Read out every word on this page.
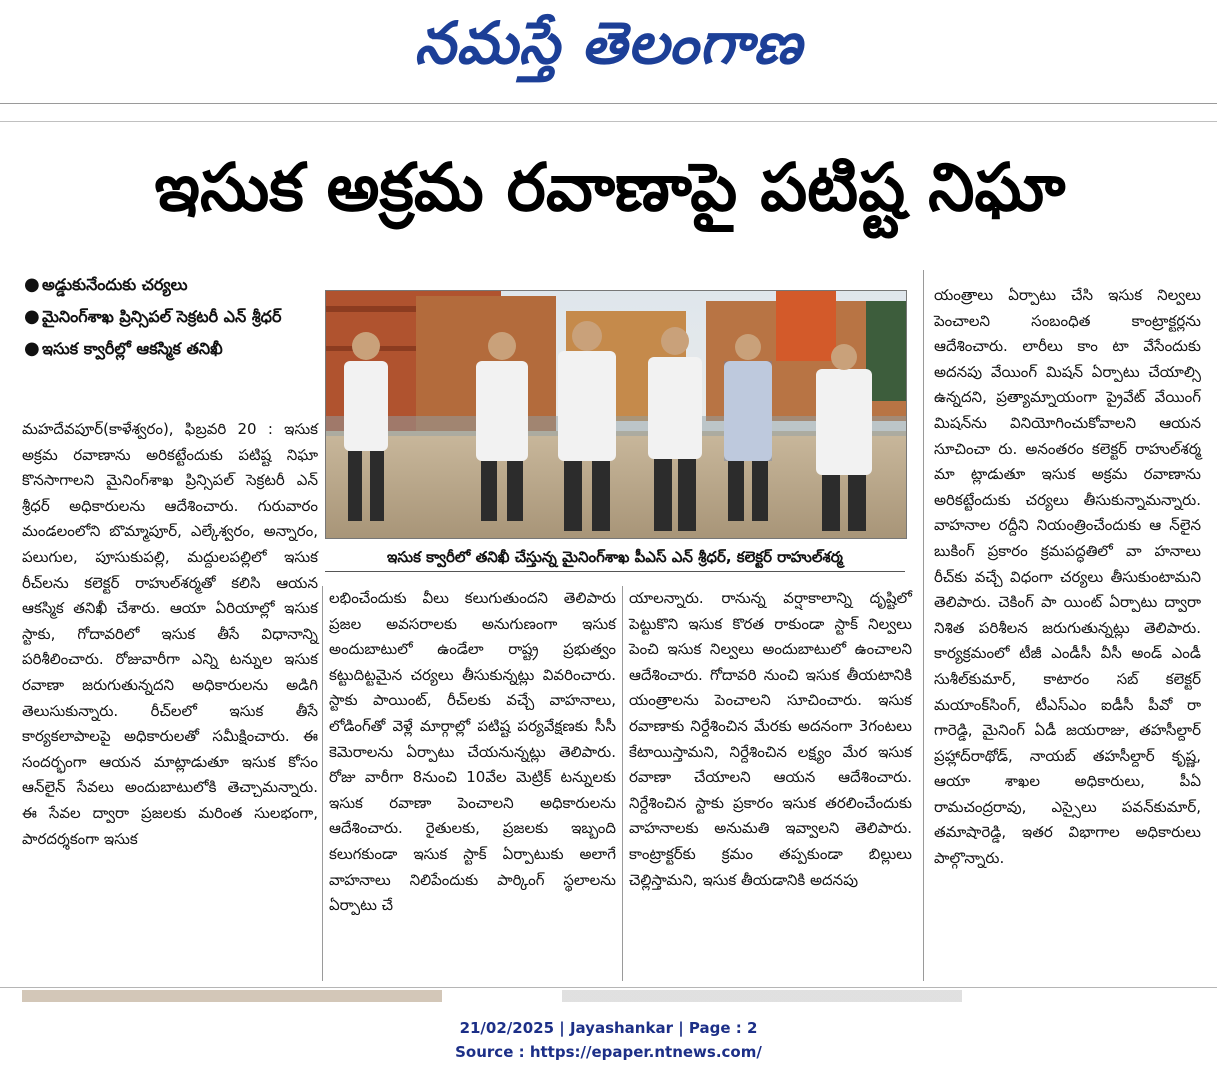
నమస్తే తెలంగాణ
ఇసుక అక్రమ రవాణాపై పటిష్ట నిఘా
● అడ్డుకునేందుకు చర్యలు
● మైనింగ్‌శాఖ ప్రిన్సిపల్ సెక్రటరీ ఎన్ శ్రీధర్
● ఇసుక క్వారీల్లో ఆకస్మిక తనిఖీ
ఇసుక క్వారీలో తనిఖీ చేస్తున్న మైనింగ్‌శాఖ పీఎస్ ఎన్ శ్రీధర్, కలెక్టర్ రాహుల్‌శర్మ
మహదేవపూర్(కాళేశ్వరం), ఫిబ్రవరి 20 : ఇసుక అక్రమ రవాణాను అరికట్టేందుకు పటిష్ట నిఘా కొనసాగాలని మైనింగ్‌శాఖ ప్రిన్సిపల్ సెక్రటరీ ఎన్ శ్రీధర్ అధికారులను ఆదేశించారు. గురువారం మండలంలోని బొమ్మాపూర్, ఎల్కేశ్వరం, అన్నారం, పలుగుల, పూసుకుపల్లి, మద్దులపల్లిలో ఇసుక రీచ్‌లను కలెక్టర్ రాహుల్‌శర్మతో కలిసి ఆయన ఆకస్మిక తనిఖీ చేశారు. ఆయా ఏరియాల్లో ఇసుక స్టాకు, గోదావరిలో ఇసుక తీసే విధానాన్ని పరిశీలించారు. రోజువారీగా ఎన్ని టన్నుల ఇసుక రవాణా జరుగుతున్నదని అధికారులను అడిగి తెలుసుకున్నారు. రీచ్‌లలో ఇసుక తీసే కార్యకలాపాలపై అధికారులతో సమీక్షించారు. ఈ సందర్భంగా ఆయన మాట్లాడుతూ ఇసుక కోసం ఆన్‌లైన్ సేవలు అందుబాటులోకి తెచ్చామన్నారు. ఈ సేవల ద్వారా ప్రజలకు మరింత సులభంగా, పారదర్శకంగా ఇసుక
లభించేందుకు వీలు కలుగుతుందని తెలిపారు ప్రజల అవసరాలకు అనుగుణంగా ఇసుక అందుబాటులో ఉండేలా రాష్ట్ర ప్రభుత్వం కట్టుదిట్టమైన చర్యలు తీసుకున్నట్లు వివరించారు. స్టాకు పాయింట్, రీచ్‌లకు వచ్చే వాహనాలు, లోడింగ్‌తో వెళ్లే మార్గాల్లో పటిష్ట పర్యవేక్షణకు సీసీ కెమెరాలను ఏర్పాటు చేయనున్నట్లు తెలిపారు. రోజు వారీగా 8నుంచి 10వేల మెట్రిక్ టన్నులకు ఇసుక రవాణా పెంచాలని అధికారులను ఆదేశించారు. రైతులకు, ప్రజలకు ఇబ్బంది కలుగకుండా ఇసుక స్టాక్ ఏర్పాటుకు అలాగే వాహనాలు నిలిపేందుకు పార్కింగ్ స్థలాలను ఏర్పాటు చే
యాలన్నారు. రానున్న వర్షాకాలాన్ని దృష్టిలో పెట్టుకొని ఇసుక కొరత రాకుండా స్టాక్ నిల్వలు పెంచి ఇసుక నిల్వలు అందుబాటులో ఉంచాలని ఆదేశించారు. గోదావరి నుంచి ఇసుక తీయటానికి యంత్రాలను పెంచాలని సూచించారు. ఇసుక రవాణాకు నిర్దేశించిన మేరకు అదనంగా 3గంటలు కేటాయిస్తామని, నిర్దేశించిన లక్ష్యం మేర ఇసుక రవాణా చేయాలని ఆయన ఆదేశించారు. నిర్దేశించిన స్టాకు ప్రకారం ఇసుక తరలించేందుకు వాహనాలకు అనుమతి ఇవ్వాలని తెలిపారు. కాంట్రాక్టర్‌కు క్రమం తప్పకుండా బిల్లులు చెల్లిస్తామని, ఇసుక తీయడానికి అదనపు
యంత్రాలు ఏర్పాటు చేసి ఇసుక నిల్వలు పెంచాలని సంబంధిత కాంట్రాక్టర్లను ఆదేశించారు. లారీలు కాం టా వేసేందుకు అదనపు వేయింగ్ మిషన్ ఏర్పాటు చేయాల్సి ఉన్నదని, ప్రత్యామ్నాయంగా ప్రైవేట్ వేయింగ్ మిషన్‌ను వినియోగించుకోవాలని ఆయన సూచించా రు. అనంతరం కలెక్టర్ రాహుల్‌శర్మ మా ట్లాడుతూ ఇసుక అక్రమ రవాణాను అరికట్టేందుకు చర్యలు తీసుకున్నామన్నారు. వాహనాల రద్దీని నియంత్రించేందుకు ఆ న్‌లైన బుకింగ్ ప్రకారం క్రమపద్ధతిలో వా హనాలు రీచ్‌కు వచ్చే విధంగా చర్యలు తీసుకుంటామని తెలిపారు. చెకింగ్ పా యింట్ ఏర్పాటు ద్వారా నిశిత పరిశీలన జరుగుతున్నట్లు తెలిపారు. కార్యక్రమంలో టీజీ ఎండీసీ వీసీ అండ్ ఎండీ సుశీల్‌కుమార్, కాటారం సబ్ కలెక్టర్ మయాంక్‌సింగ్, టీఎస్‌ఎం ఐడీసీ పీవో రా గారెడ్డి, మైనింగ్ ఏడీ జయరాజు, తహసీల్దార్ ప్రహ్లాద్‌రాథోడ్, నాయబ్ తహసీల్దార్ కృష్ణ, ఆయా శాఖల అధికారులు, పీఏ రామచంద్రరావు, ఎస్సైలు పవన్‌కుమార్, తమాషారెడ్డి, ఇతర విభాగాల అధికారులు పాల్గొన్నారు.
21/02/2025 | Jayashankar | Page : 2
Source : https://epaper.ntnews.com/
